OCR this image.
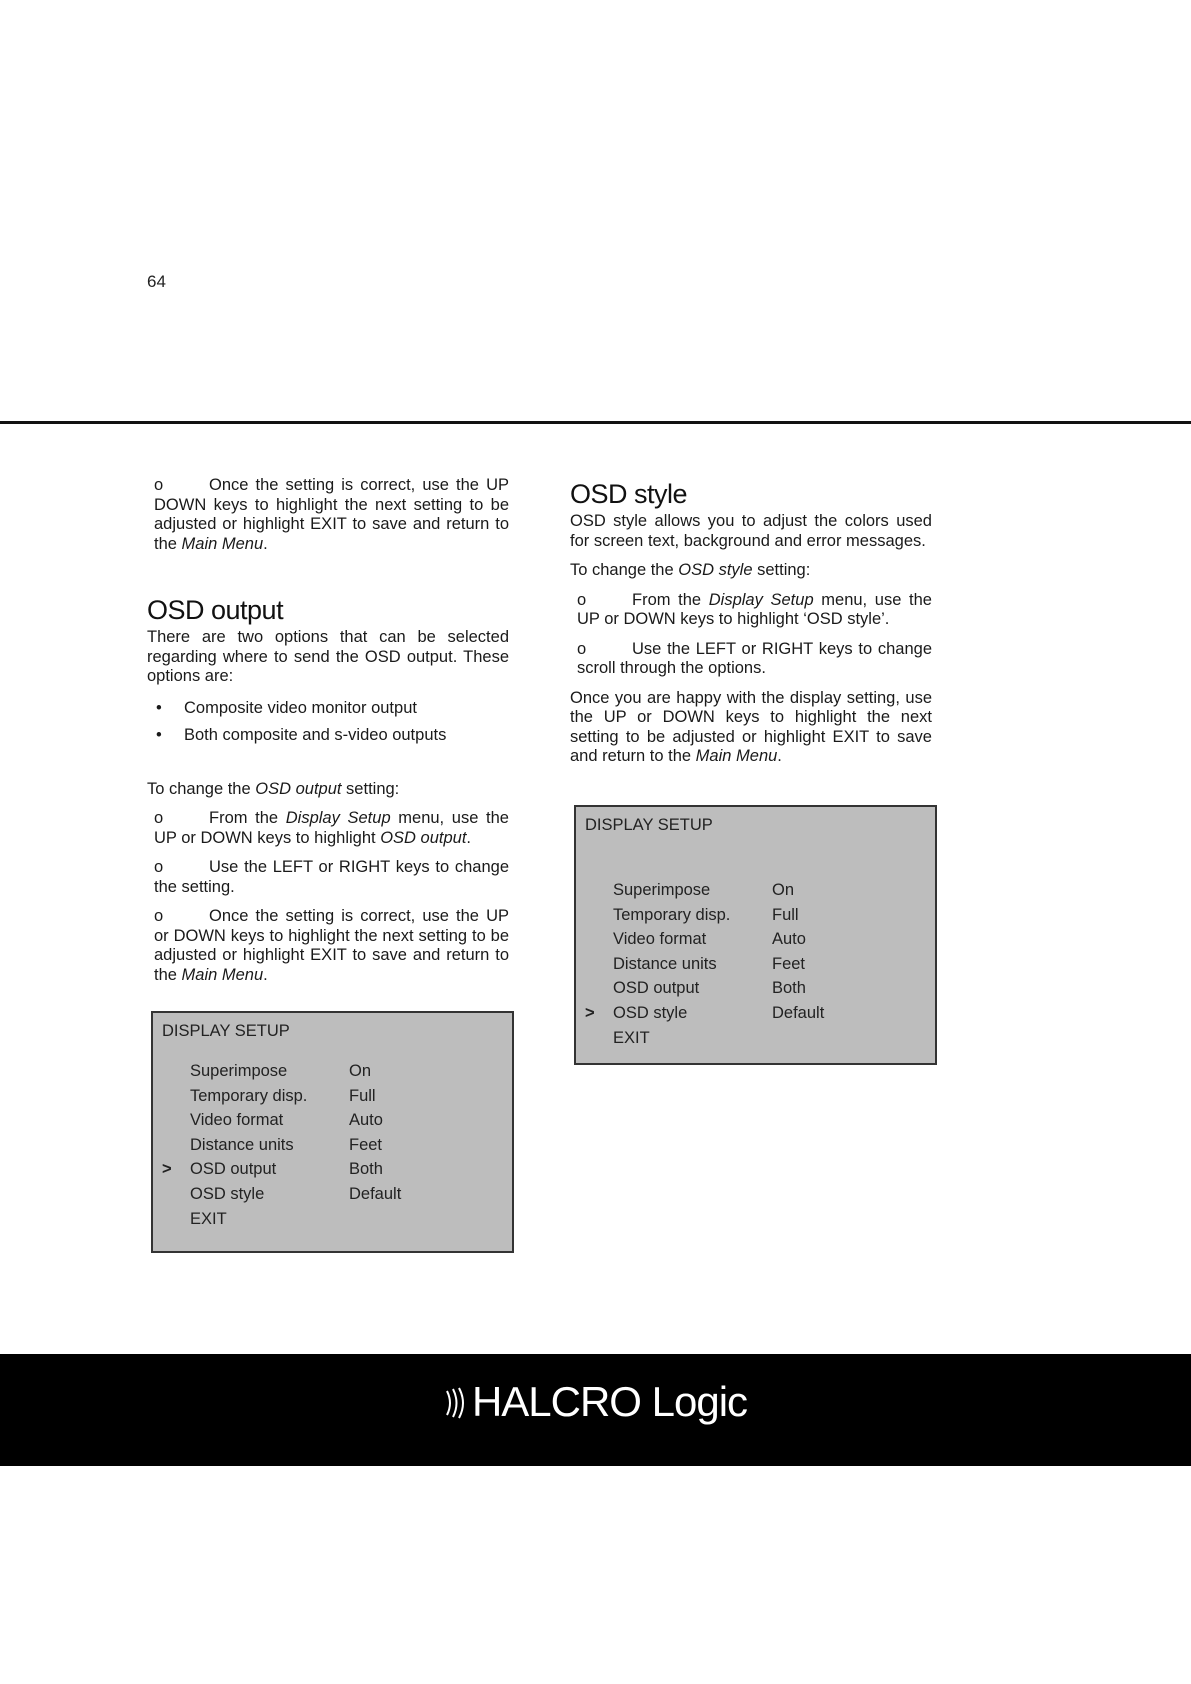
64

o	Once the setting is correct, use the UP DOWN keys to highlight the next setting to be adjusted or highlight EXIT to save and return to the Main Menu.

OSD output

There are two options that can be selected regarding where to send the OSD output. These options are:

• Composite video monitor output
• Both composite and s-video outputs

To change the OSD output setting:

o	From the Display Setup menu, use the UP or DOWN keys to highlight OSD output.

o	Use the LEFT or RIGHT keys to change the setting.

o	Once the setting is correct, use the UP or DOWN keys to highlight the next setting to be adjusted or highlight EXIT to save and return to the Main Menu.

DISPLAY SETUP
Superimpose	On
Temporary disp.	Full
Video format	Auto
Distance units	Feet
>	OSD output	Both
OSD style	Default
EXIT
OSD style

OSD style allows you to adjust the colors used for screen text, background and error messages.

To change the OSD style setting:

o	From the Display Setup menu, use the UP or DOWN keys to highlight ‘OSD style’.

o	Use the LEFT or RIGHT keys to change scroll through the options.

Once you are happy with the display setting, use the UP or DOWN keys to highlight the next setting to be adjusted or highlight EXIT to save and return to the Main Menu.

DISPLAY SETUP
Superimpose	On
Temporary disp.	Full
Video format	Auto
Distance units	Feet
OSD output	Both
>	OSD style	Default
EXIT
HALCRO Logic
